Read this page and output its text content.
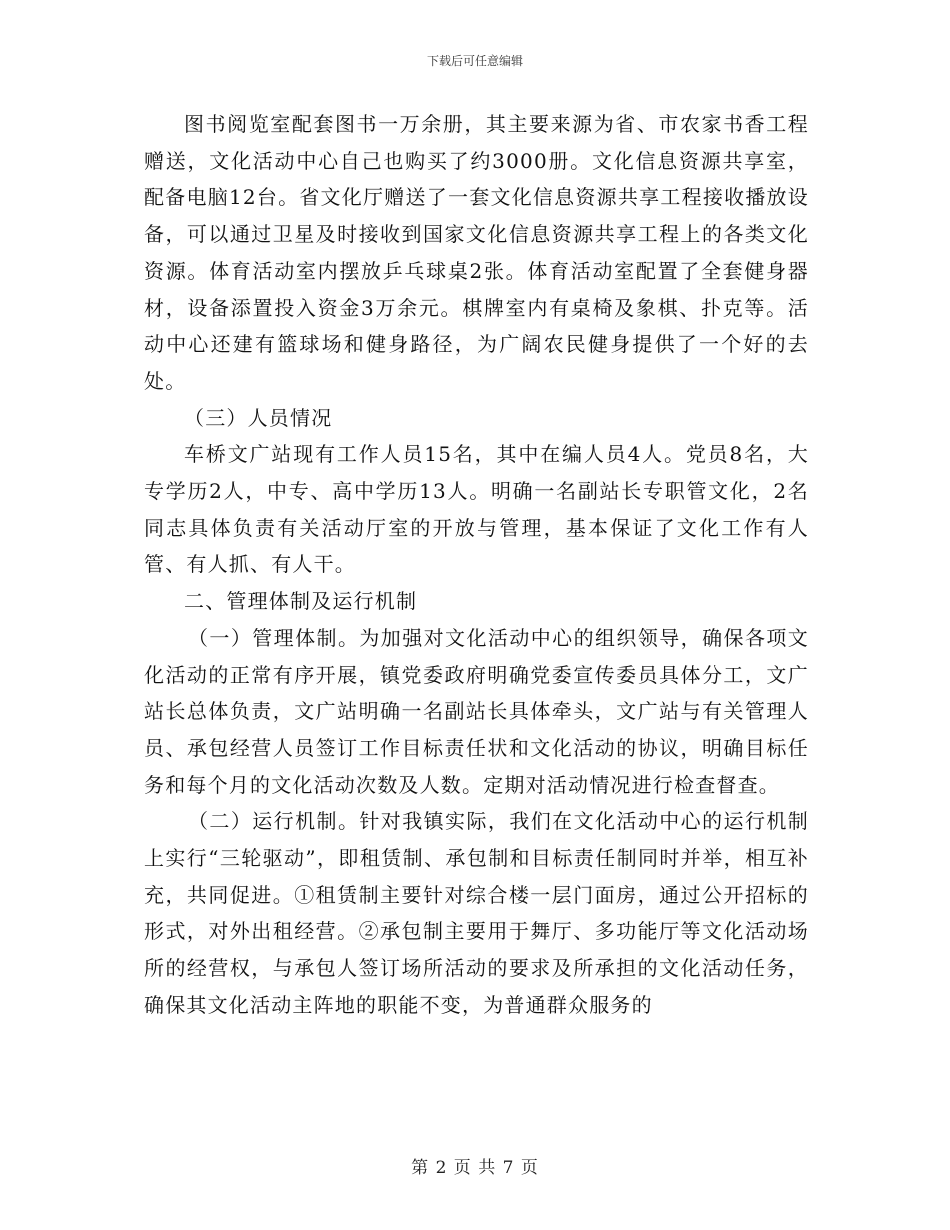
下载后可任意编辑

图书阅览室配套图书一万余册，其主要来源为省、市农家书香工程赠送，文化活动中心自己也购买了约3000册。文化信息资源共享室，配备电脑12台。省文化厅赠送了一套文化信息资源共享工程接收播放设备，可以通过卫星及时接收到国家文化信息资源共享工程上的各类文化资源。体育活动室内摆放乒乓球桌2张。体育活动室配置了全套健身器材，设备添置投入资金3万余元。棋牌室内有桌椅及象棋、扑克等。活动中心还建有篮球场和健身路径，为广阔农民健身提供了一个好的去处。

（三）人员情况

车桥文广站现有工作人员15名，其中在编人员4人。党员8名，大专学历2人，中专、高中学历13人。明确一名副站长专职管文化，2名同志具体负责有关活动厅室的开放与管理，基本保证了文化工作有人管、有人抓、有人干。

二、管理体制及运行机制

（一）管理体制。为加强对文化活动中心的组织领导，确保各项文化活动的正常有序开展，镇党委政府明确党委宣传委员具体分工，文广站长总体负责，文广站明确一名副站长具体牵头，文广站与有关管理人员、承包经营人员签订工作目标责任状和文化活动的协议，明确目标任务和每个月的文化活动次数及人数。定期对活动情况进行检查督查。

（二）运行机制。针对我镇实际，我们在文化活动中心的运行机制上实行“三轮驱动”，即租赁制、承包制和目标责任制同时并举，相互补充，共同促进。①租赁制主要针对综合楼一层门面房，通过公开招标的形式，对外出租经营。②承包制主要用于舞厅、多功能厅等文化活动场所的经营权，与承包人签订场所活动的要求及所承担的文化活动任务，确保其文化活动主阵地的职能不变，为普通群众服务的

第 2 页 共 7 页
